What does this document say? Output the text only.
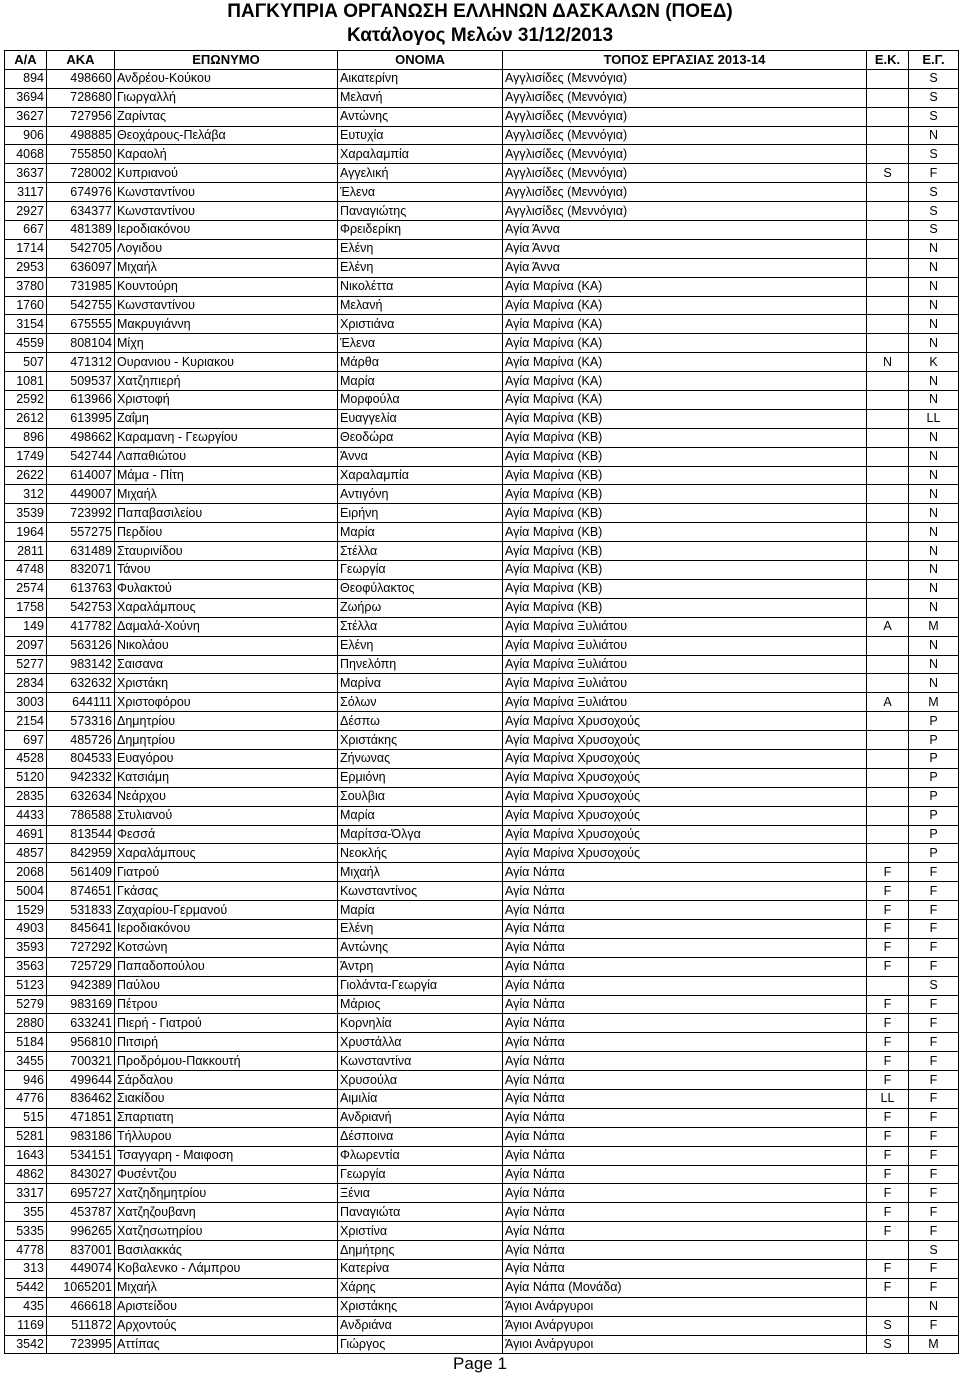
ΠΑΓΚΥΠΡΙΑ ΟΡΓΑΝΩΣΗ ΕΛΛΗΝΩΝ ΔΑΣΚΑΛΩΝ (ΠΟΕΔ)
Κατάλογος Μελών 31/12/2013
Α/Α	ΑΚΑ	ΕΠΩΝΥΜΟ	ΟΝΟΜΑ	ΤΟΠΟΣ ΕΡΓΑΣΙΑΣ 2013-14	Ε.Κ.	Ε.Γ.
894	498660	Ανδρέου-Κούκου	Αικατερίνη	Αγγλισίδες (Μεννόγια)		S
3694	728680	Γιωργαλλή	Μελανή	Αγγλισίδες (Μεννόγια)		S
3627	727956	Ζαρίντας	Αντώνης	Αγγλισίδες (Μεννόγια)		S
906	498885	Θεοχάρους-Πελάβα	Ευτυχία	Αγγλισίδες (Μεννόγια)		N
4068	755850	Καραολή	Χαραλαμπία	Αγγλισίδες (Μεννόγια)		S
3637	728002	Κυπριανού	Αγγελική	Αγγλισίδες (Μεννόγια)	S	F
3117	674976	Κωνσταντίνου	Έλενα	Αγγλισίδες (Μεννόγια)		S
2927	634377	Κωνσταντίνου	Παναγιώτης	Αγγλισίδες (Μεννόγια)		S
667	481389	Ιεροδιακόνου	Φρειδερίκη	Αγία Άννα		S
1714	542705	Λογιδου	Ελένη	Αγία Άννα		N
2953	636097	Μιχαήλ	Ελένη	Αγία Άννα		N
3780	731985	Κουντούρη	Νικολέττα	Αγία Μαρίνα (ΚΑ)		N
1760	542755	Κωνσταντίνου	Μελανή	Αγία Μαρίνα (ΚΑ)		N
3154	675555	Μακρυγιάννη	Χριστιάνα	Αγία Μαρίνα (ΚΑ)		N
4559	808104	Μίχη	Έλενα	Αγία Μαρίνα (ΚΑ)		N
507	471312	Ουρανιου - Κυριακου	Μάρθα	Αγία Μαρίνα (ΚΑ)	N	K
1081	509537	Χατζηπιερή	Μαρία	Αγία Μαρίνα (ΚΑ)		N
2592	613966	Χριστοφή	Μορφούλα	Αγία Μαρίνα (ΚΑ)		N
2612	613995	Ζαΐμη	Ευαγγελία	Αγία Μαρίνα (ΚΒ)		LL
896	498662	Καραμανη - Γεωργίου	Θεοδώρα	Αγία Μαρίνα (ΚΒ)		N
1749	542744	Λαπαθιώτου	Άννα	Αγία Μαρίνα (ΚΒ)		N
2622	614007	Μάμα - Πίτη	Χαραλαμπία	Αγία Μαρίνα (ΚΒ)		N
312	449007	Μιχαήλ	Αντιγόνη	Αγία Μαρίνα (ΚΒ)		N
3539	723992	Παπαβασιλείου	Ειρήνη	Αγία Μαρίνα (ΚΒ)		N
1964	557275	Περδίου	Μαρία	Αγία Μαρίνα (ΚΒ)		N
2811	631489	Σταυρινίδου	Στέλλα	Αγία Μαρίνα (ΚΒ)		N
4748	832071	Τάνου	Γεωργία	Αγία Μαρίνα (ΚΒ)		N
2574	613763	Φυλακτού	Θεοφύλακτος	Αγία Μαρίνα (ΚΒ)		N
1758	542753	Χαραλάμπους	Ζωήρω	Αγία Μαρίνα (ΚΒ)		N
149	417782	Δαμαλά-Χούνη	Στέλλα	Αγία Μαρίνα Ξυλιάτου	A	M
2097	563126	Νικολάου	Ελένη	Αγία Μαρίνα Ξυλιάτου		N
5277	983142	Σαισανα	Πηνελόπη	Αγία Μαρίνα Ξυλιάτου		N
2834	632632	Χριστάκη	Μαρίνα	Αγία Μαρίνα Ξυλιάτου		N
3003	644111	Χριστοφόρου	Σόλων	Αγία Μαρίνα Ξυλιάτου	A	M
2154	573316	Δημητρίου	Δέσπω	Αγία Μαρίνα Χρυσοχούς		P
697	485726	Δημητρίου	Χριστάκης	Αγία Μαρίνα Χρυσοχούς		P
4528	804533	Ευαγόρου	Ζήνωνας	Αγία Μαρίνα Χρυσοχούς		P
5120	942332	Κατσιάμη	Ερμιόνη	Αγία Μαρίνα Χρυσοχούς		P
2835	632634	Νεάρχου	Σουλβια	Αγία Μαρίνα Χρυσοχούς		P
4433	786588	Στυλιανού	Μαρία	Αγία Μαρίνα Χρυσοχούς		P
4691	813544	Φεσσά	Μαρίτσα-Όλγα	Αγία Μαρίνα Χρυσοχούς		P
4857	842959	Χαραλάμπους	Νεοκλής	Αγία Μαρίνα Χρυσοχούς		P
2068	561409	Γιατρού	Μιχαήλ	Αγία Νάπα	F	F
5004	874651	Γκάσας	Κωνσταντίνος	Αγία Νάπα	F	F
1529	531833	Ζαχαρίου-Γερμανού	Μαρία	Αγία Νάπα	F	F
4903	845641	Ιεροδιακόνου	Ελένη	Αγία Νάπα	F	F
3593	727292	Κοτσώνη	Αντώνης	Αγία Νάπα	F	F
3563	725729	Παπαδοπούλου	Άντρη	Αγία Νάπα	F	F
5123	942389	Παύλου	Γιολάντα-Γεωργία	Αγία Νάπα		S
5279	983169	Πέτρου	Μάριος	Αγία Νάπα	F	F
2880	633241	Πιερή - Γιατρού	Κορνηλία	Αγία Νάπα	F	F
5184	956810	Πιτσιρή	Χρυστάλλα	Αγία Νάπα	F	F
3455	700321	Προδρόμου-Πακκουτή	Κωνσταντίνα	Αγία Νάπα	F	F
946	499644	Σάρδαλου	Χρυσούλα	Αγία Νάπα	F	F
4776	836462	Σιακίδου	Αιμιλία	Αγία Νάπα	LL	F
515	471851	Σπαρτιατη	Ανδριανή	Αγία Νάπα	F	F
5281	983186	Τήλλυρου	Δέσποινα	Αγία Νάπα	F	F
1643	534151	Τσαγγαρη - Μαιφοση	Φλωρεντία	Αγία Νάπα	F	F
4862	843027	Φυσέντζου	Γεωργία	Αγία Νάπα	F	F
3317	695727	Χατζηδημητρίου	Ξένια	Αγία Νάπα	F	F
355	453787	Χατζηζουβανη	Παναγιώτα	Αγία Νάπα	F	F
5335	996265	Χατζησωτηρίου	Χριστίνα	Αγία Νάπα	F	F
4778	837001	Βασιλακκάς	Δημήτρης	Αγία Νάπα		S
313	449074	Κοβαλενκο - Λάμπρου	Κατερίνα	Αγία Νάπα	F	F
5442	1065201	Μιχαήλ	Χάρης	Αγία Νάπα (Μονάδα)	F	F
435	466618	Αριστείδου	Χριστάκης	Άγιοι Ανάργυροι		N
1169	511872	Αρχοντούς	Ανδριάνα	Άγιοι Ανάργυροι	S	F
3542	723995	Αττίπας	Γιώργος	Άγιοι Ανάργυροι	S	M
Page 1
